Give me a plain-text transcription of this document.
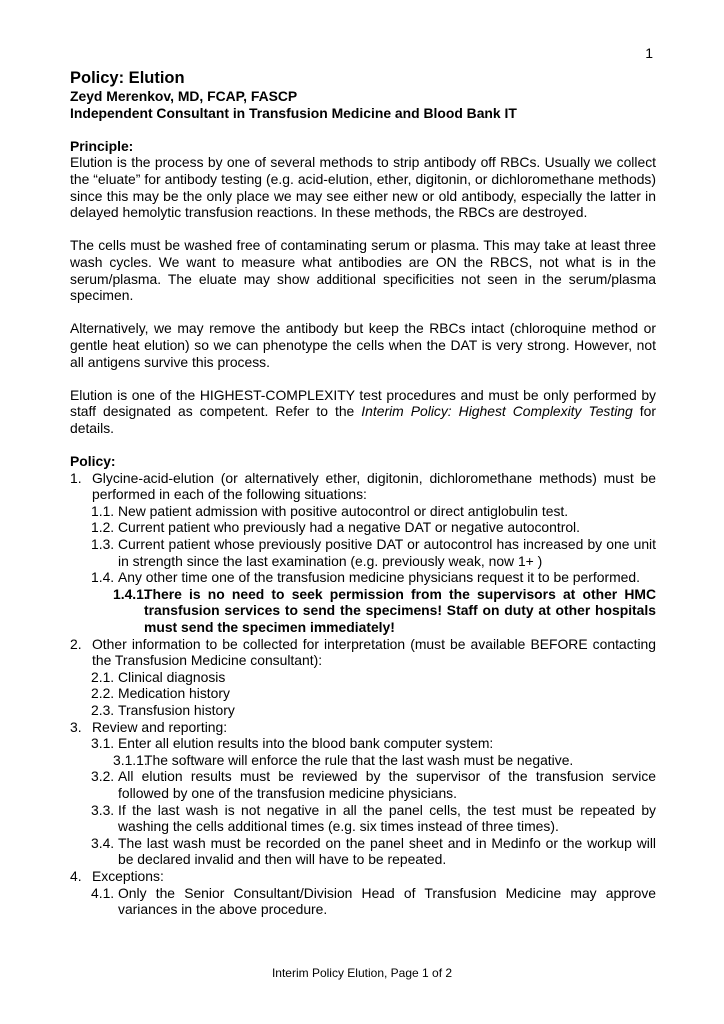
1
Policy: Elution
Zeyd Merenkov, MD, FCAP, FASCP
Independent Consultant in Transfusion Medicine and Blood Bank IT
Principle:

Elution is the process by one of several methods to strip antibody off RBCs. Usually we collect the “eluate” for antibody testing (e.g. acid-elution, ether, digitonin, or dichloromethane methods) since this may be the only place we may see either new or old antibody, especially the latter in delayed hemolytic transfusion reactions. In these methods, the RBCs are destroyed.

The cells must be washed free of contaminating serum or plasma. This may take at least three wash cycles. We want to measure what antibodies are ON the RBCS, not what is in the serum/plasma. The eluate may show additional specificities not seen in the serum/plasma specimen.

Alternatively, we may remove the antibody but keep the RBCs intact (chloroquine method or gentle heat elution) so we can phenotype the cells when the DAT is very strong. However, not all antigens survive this process.

Elution is one of the HIGHEST-COMPLEXITY test procedures and must be only performed by staff designated as competent. Refer to the Interim Policy: Highest Complexity Testing for details.

Policy:
1. Glycine-acid-elution (or alternatively ether, digitonin, dichloromethane methods) must be performed in each of the following situations:
1.1. New patient admission with positive autocontrol or direct antiglobulin test.
1.2. Current patient who previously had a negative DAT or negative autocontrol.
1.3. Current patient whose previously positive DAT or autocontrol has increased by one unit in strength since the last examination (e.g. previously weak, now 1+ )
1.4. Any other time one of the transfusion medicine physicians request it to be performed.
1.4.1.
There is no need to seek permission from the supervisors at other HMC transfusion services to send the specimens! Staff on duty at other hospitals must send the specimen immediately!
2. Other information to be collected for interpretation (must be available BEFORE contacting the Transfusion Medicine consultant):
2.1. Clinical diagnosis
2.2. Medication history
2.3. Transfusion history
3. Review and reporting:
3.1. Enter all elution results into the blood bank computer system:
3.1.1.
The software will enforce the rule that the last wash must be negative.
3.2. All elution results must be reviewed by the supervisor of the transfusion service followed by one of the transfusion medicine physicians.
3.3. If the last wash is not negative in all the panel cells, the test must be repeated by washing the cells additional times (e.g. six times instead of three times).
3.4. The last wash must be recorded on the panel sheet and in Medinfo or the workup will be declared invalid and then will have to be repeated.
4. Exceptions:
4.1. Only the Senior Consultant/Division Head of Transfusion Medicine may approve variances in the above procedure.
Interim Policy Elution, Page 1 of 2
